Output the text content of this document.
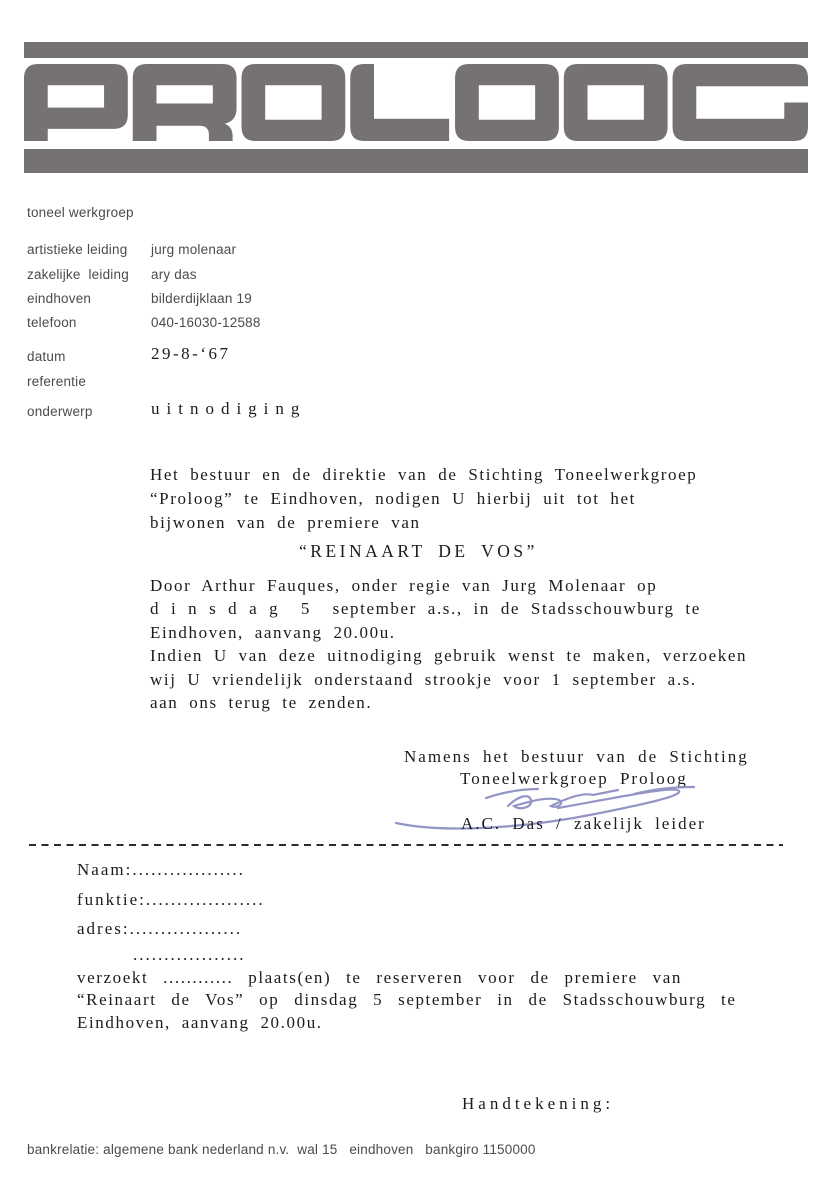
toneel werkgroep
artistieke leiding jurg molenaar
zakelijke  leiding ary das
eindhoven	bilderdijklaan 19
telefoon	040-16030-12588
datum	29-8-‘67
referentie
onderwerp	uitnodiging
Het bestuur en de direktie van de Stichting Toneelwerkgroep
“Proloog” te Eindhoven, nodigen U hierbij uit tot het
bijwonen van de premiere van
“REINAART DE VOS”
Door Arthur Fauques, onder regie van Jurg Molenaar op
d i n s d a g  5  september a.s., in de Stadsschouwburg te
Eindhoven, aanvang 20.00u.
Indien U van deze uitnodiging gebruik wenst te maken, verzoeken
wij U vriendelijk onderstaand strookje voor 1 september a.s.
aan ons terug te zenden.
Namens het bestuur van de Stichting
Toneelwerkgroep Proloog
A.C. Das / zakelijk leider
Naam:..................
funktie:...................
adres:..................
..................
verzoekt ............ plaats(en) te reserveren voor de premiere van
“Reinaart de Vos” op dinsdag 5 september in de Stadsschouwburg te
Eindhoven, aanvang 20.00u.
Handtekening:
bankrelatie: algemene bank nederland n.v.  wal 15   eindhoven   bankgiro 1150000
